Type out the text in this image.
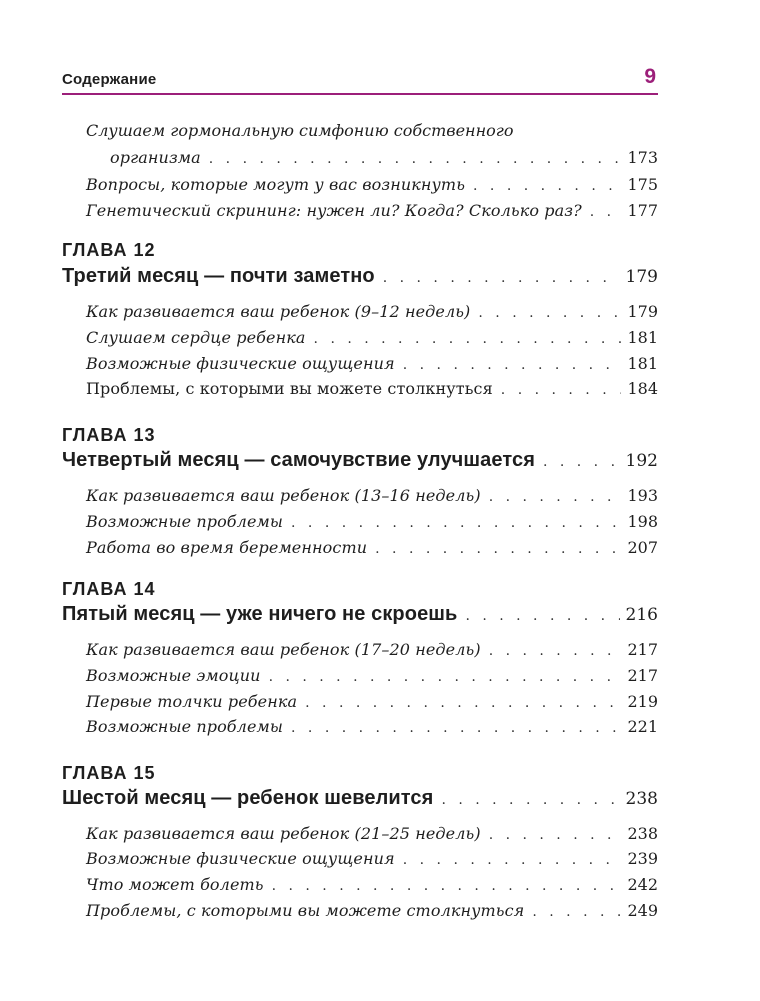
Содержание	9
Слушаем гормональную симфонию собственного
организма . . .	173
Вопросы, которые могут у вас возникнуть . . .	175
Генетический скрининг: нужен ли? Когда? Сколько раз? . . .	177
ГЛАВА 12
Третий месяц — почти заметно . . .	179
Как развивается ваш ребенок (9–12 недель) . . .	179
Слушаем сердце ребенка . . .	181
Возможные физические ощущения . . .	181
Проблемы, с которыми вы можете столкнуться . . .	184
ГЛАВА 13
Четвертый месяц — самочувствие улучшается . . .	192
Как развивается ваш ребенок (13–16 недель) . . .	193
Возможные проблемы . . .	198
Работа во время беременности . . .	207
ГЛАВА 14
Пятый месяц — уже ничего не скроешь . . .	216
Как развивается ваш ребенок (17–20 недель) . . .	217
Возможные эмоции . . .	217
Первые толчки ребенка . . .	219
Возможные проблемы . . .	221
ГЛАВА 15
Шестой месяц — ребенок шевелится . . .	238
Как развивается ваш ребенок (21–25 недель) . . .	238
Возможные физические ощущения . . .	239
Что может болеть . . .	242
Проблемы, с которыми вы можете столкнуться . . .	249
